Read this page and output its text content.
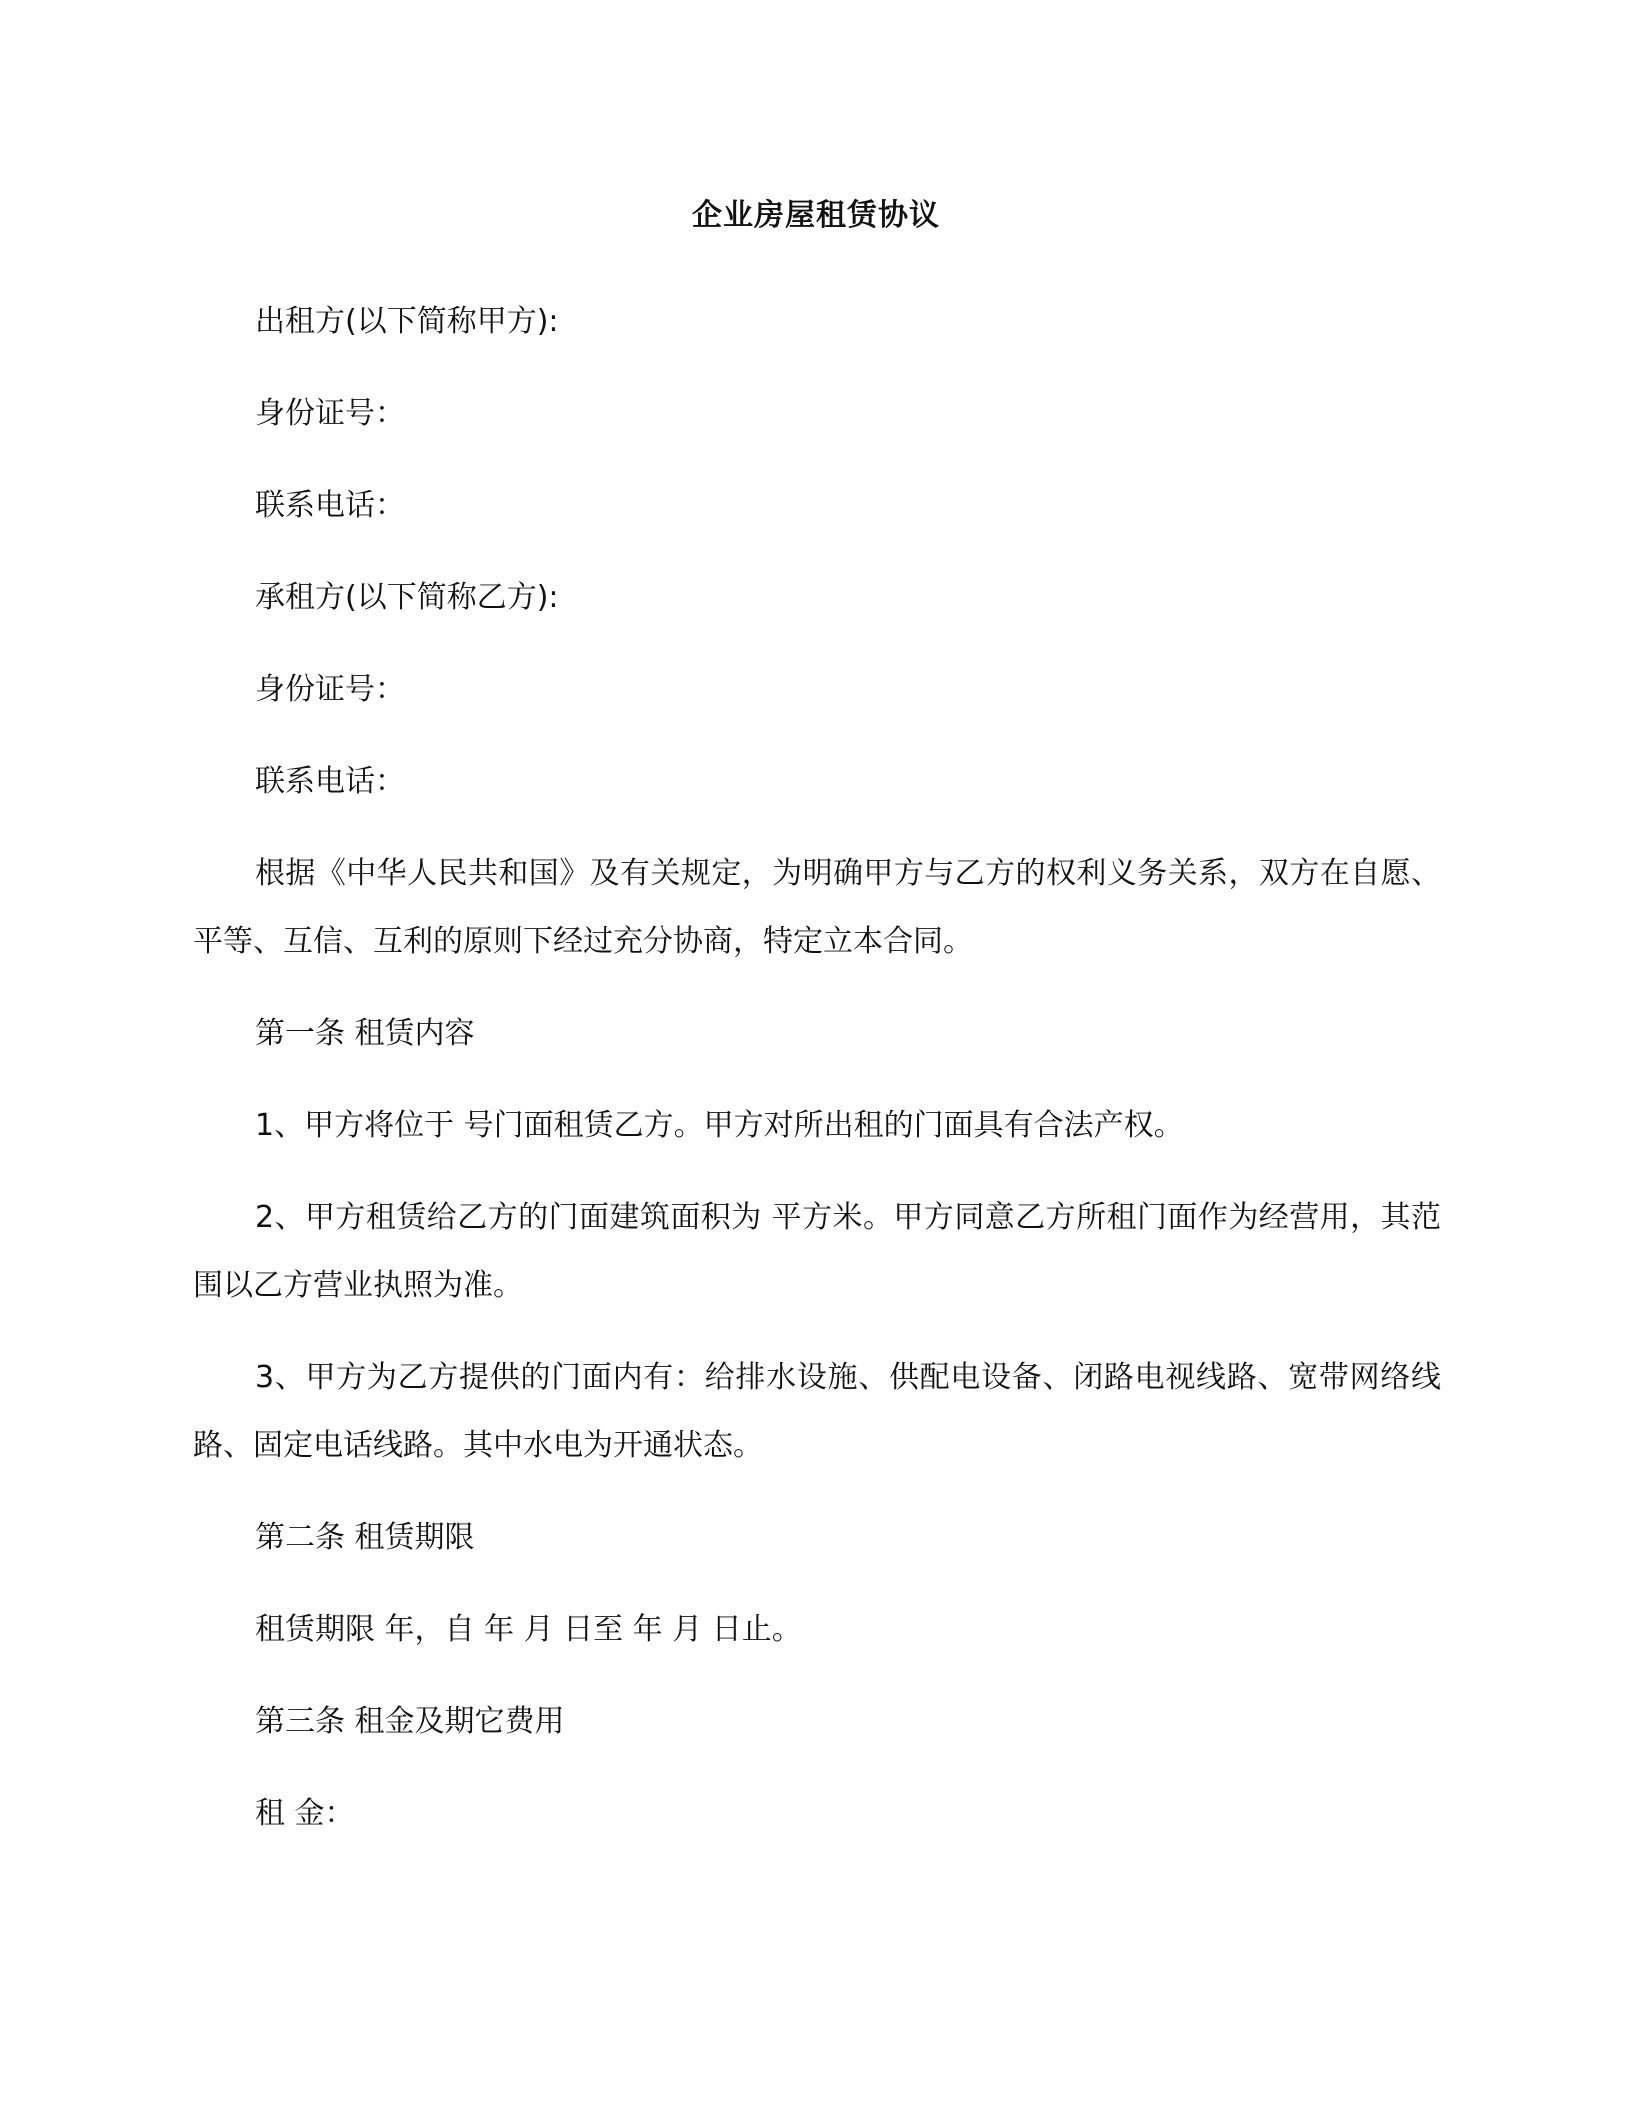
企业房屋租赁协议

出租方(以下简称甲方):

身份证号：

联系电话：

承租方(以下简称乙方):

身份证号：

联系电话：

根据《中华人民共和国》及有关规定，为明确甲方与乙方的权利义务关系，双方在自愿、平等、互信、互利的原则下经过充分协商，特定立本合同。

第一条 租赁内容

1、甲方将位于 号门面租赁乙方。甲方对所出租的门面具有合法产权。

2、甲方租赁给乙方的门面建筑面积为 平方米。甲方同意乙方所租门面作为经营用，其范围以乙方营业执照为准。

3、甲方为乙方提供的门面内有：给排水设施、供配电设备、闭路电视线路、宽带网络线路、固定电话线路。其中水电为开通状态。

第二条 租赁期限

租赁期限 年，自 年 月 日至 年 月 日止。

第三条 租金及期它费用

租 金：
